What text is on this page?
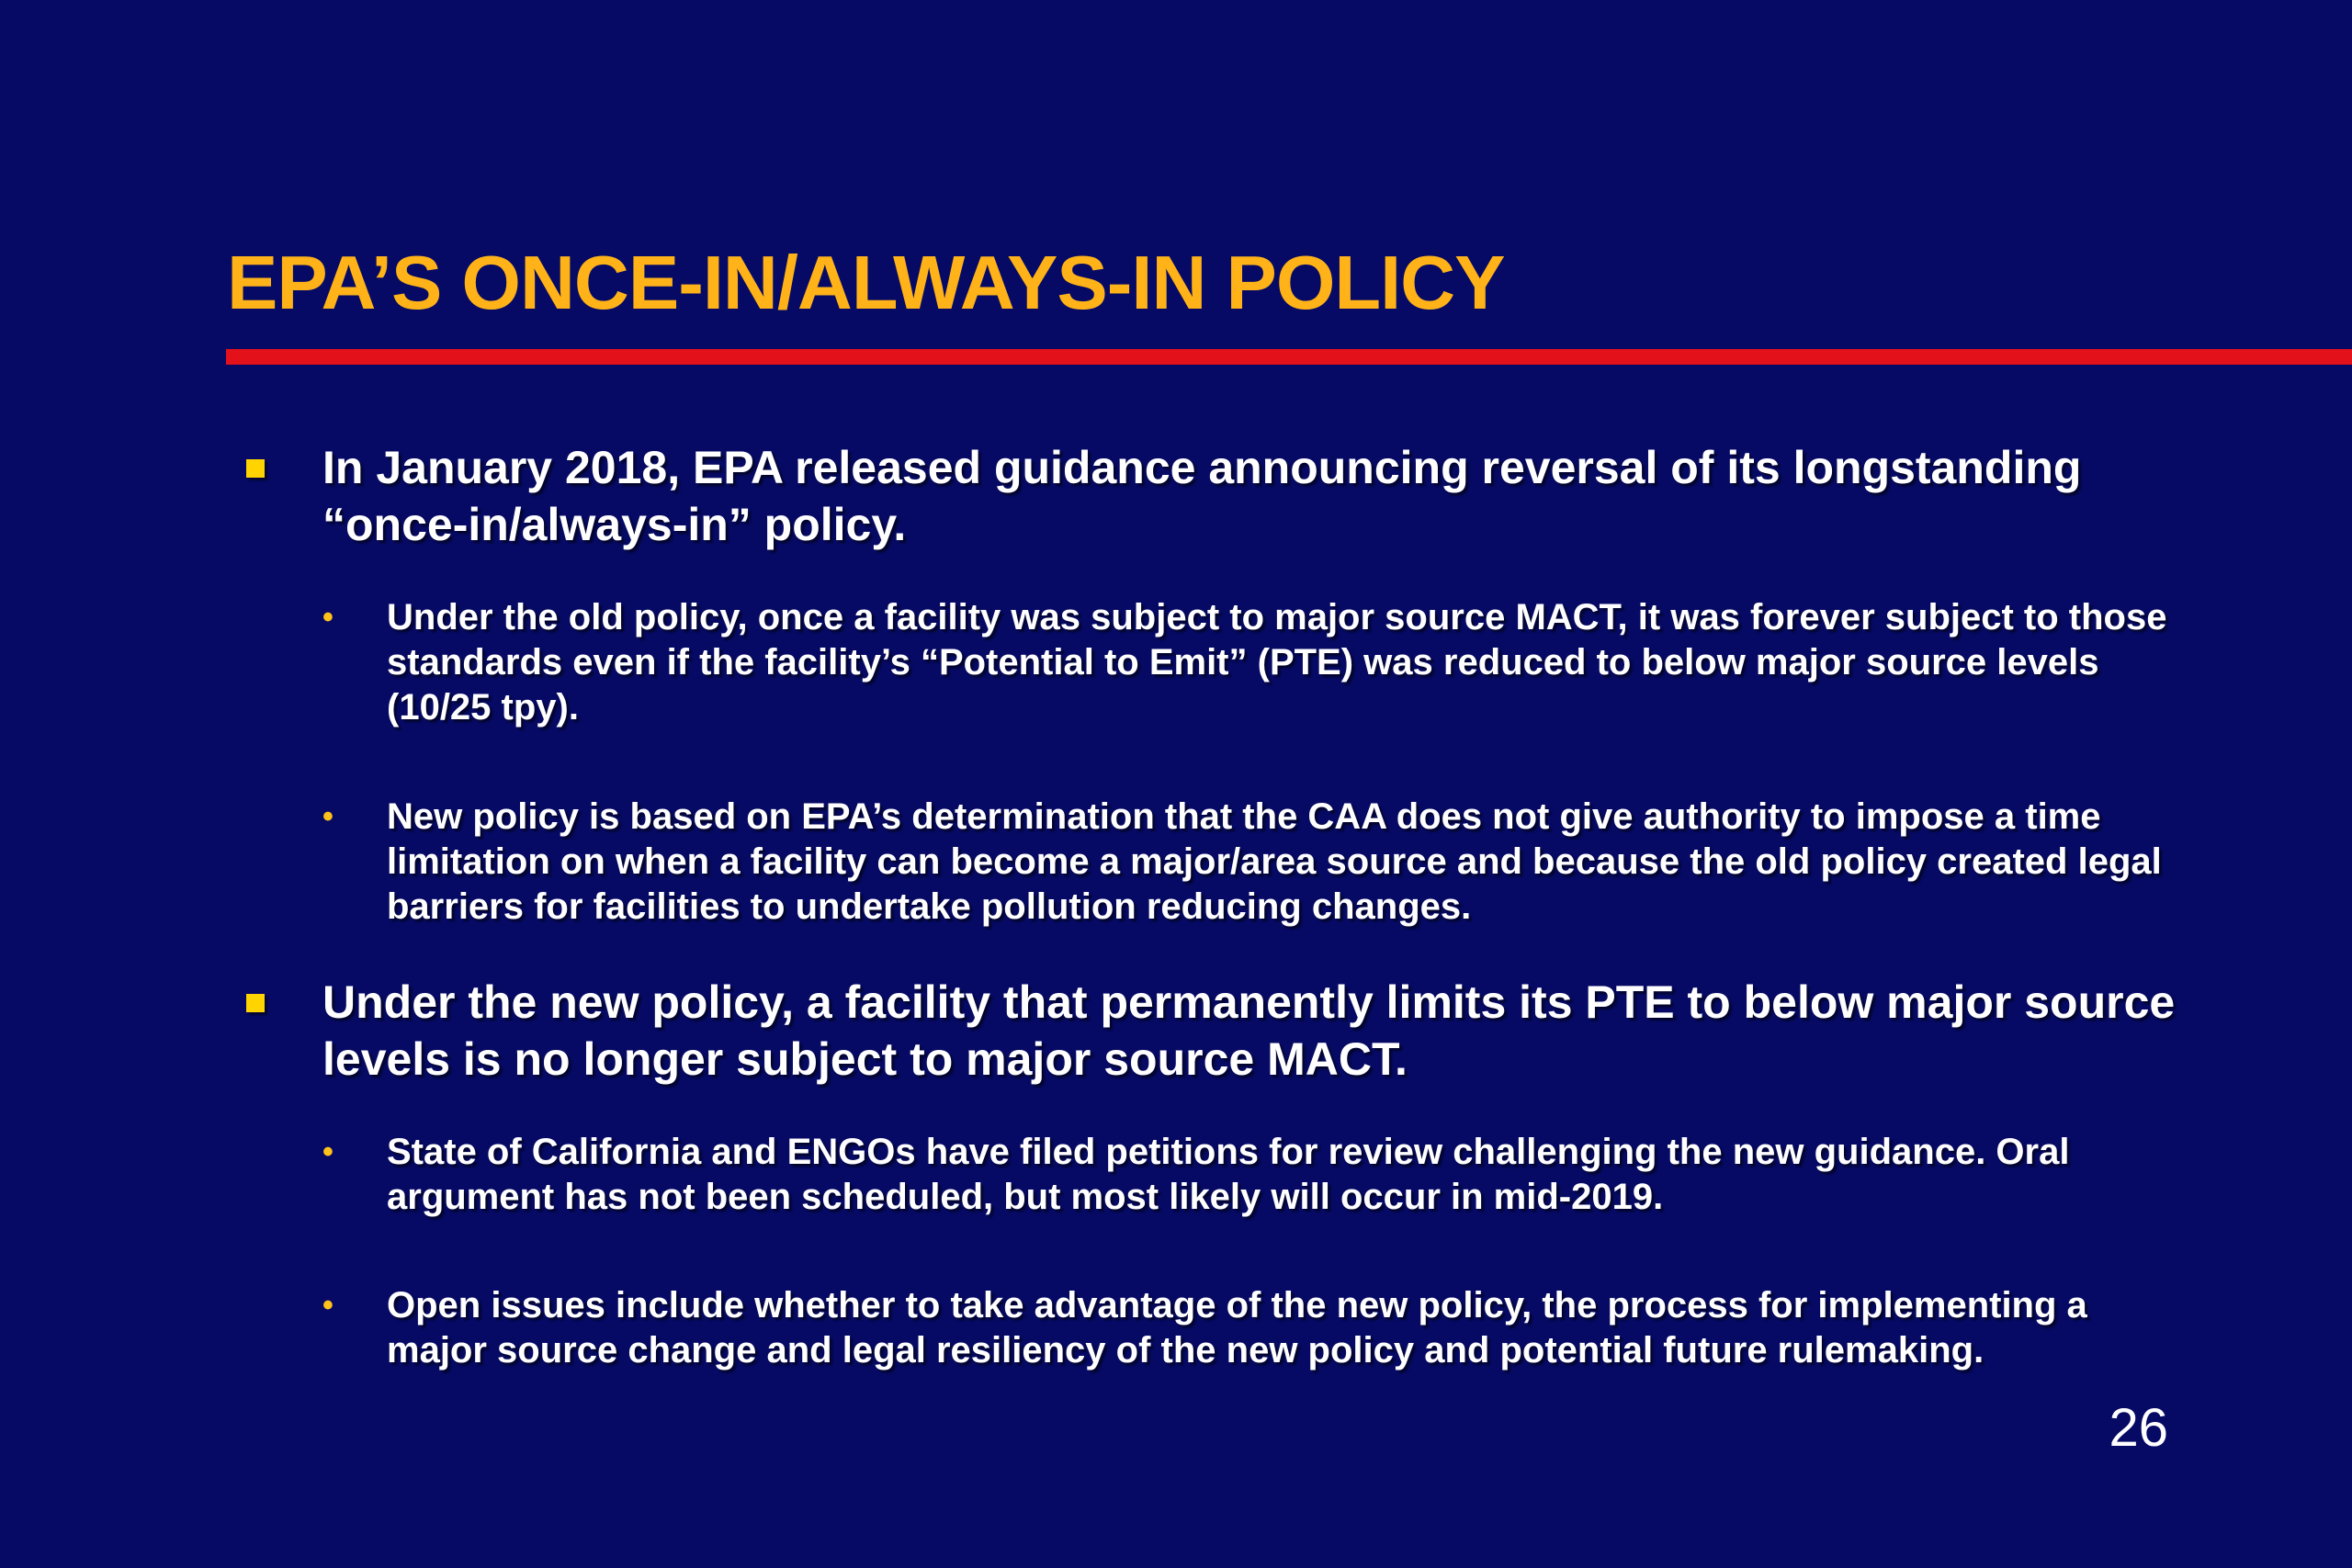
EPA’S ONCE-IN/ALWAYS-IN POLICY
In January 2018, EPA released guidance announcing reversal of its longstanding “once-in/always-in” policy.
• Under the old policy, once a facility was subject to major source MACT, it was forever subject to those standards even if the facility’s “Potential to Emit” (PTE) was reduced to below major source levels (10/25 tpy).
• New policy is based on EPA’s determination that the CAA does not give authority to impose a time limitation on when a facility can become a major/area source and because the old policy created legal barriers for facilities to undertake pollution reducing changes.
Under the new policy, a facility that permanently limits its PTE to below major source levels is no longer subject to major source MACT.
• State of California and ENGOs have filed petitions for review challenging the new guidance. Oral argument has not been scheduled, but most likely will occur in mid-2019.
• Open issues include whether to take advantage of the new policy, the process for implementing a major source change and legal resiliency of the new policy and potential future rulemaking.
26
